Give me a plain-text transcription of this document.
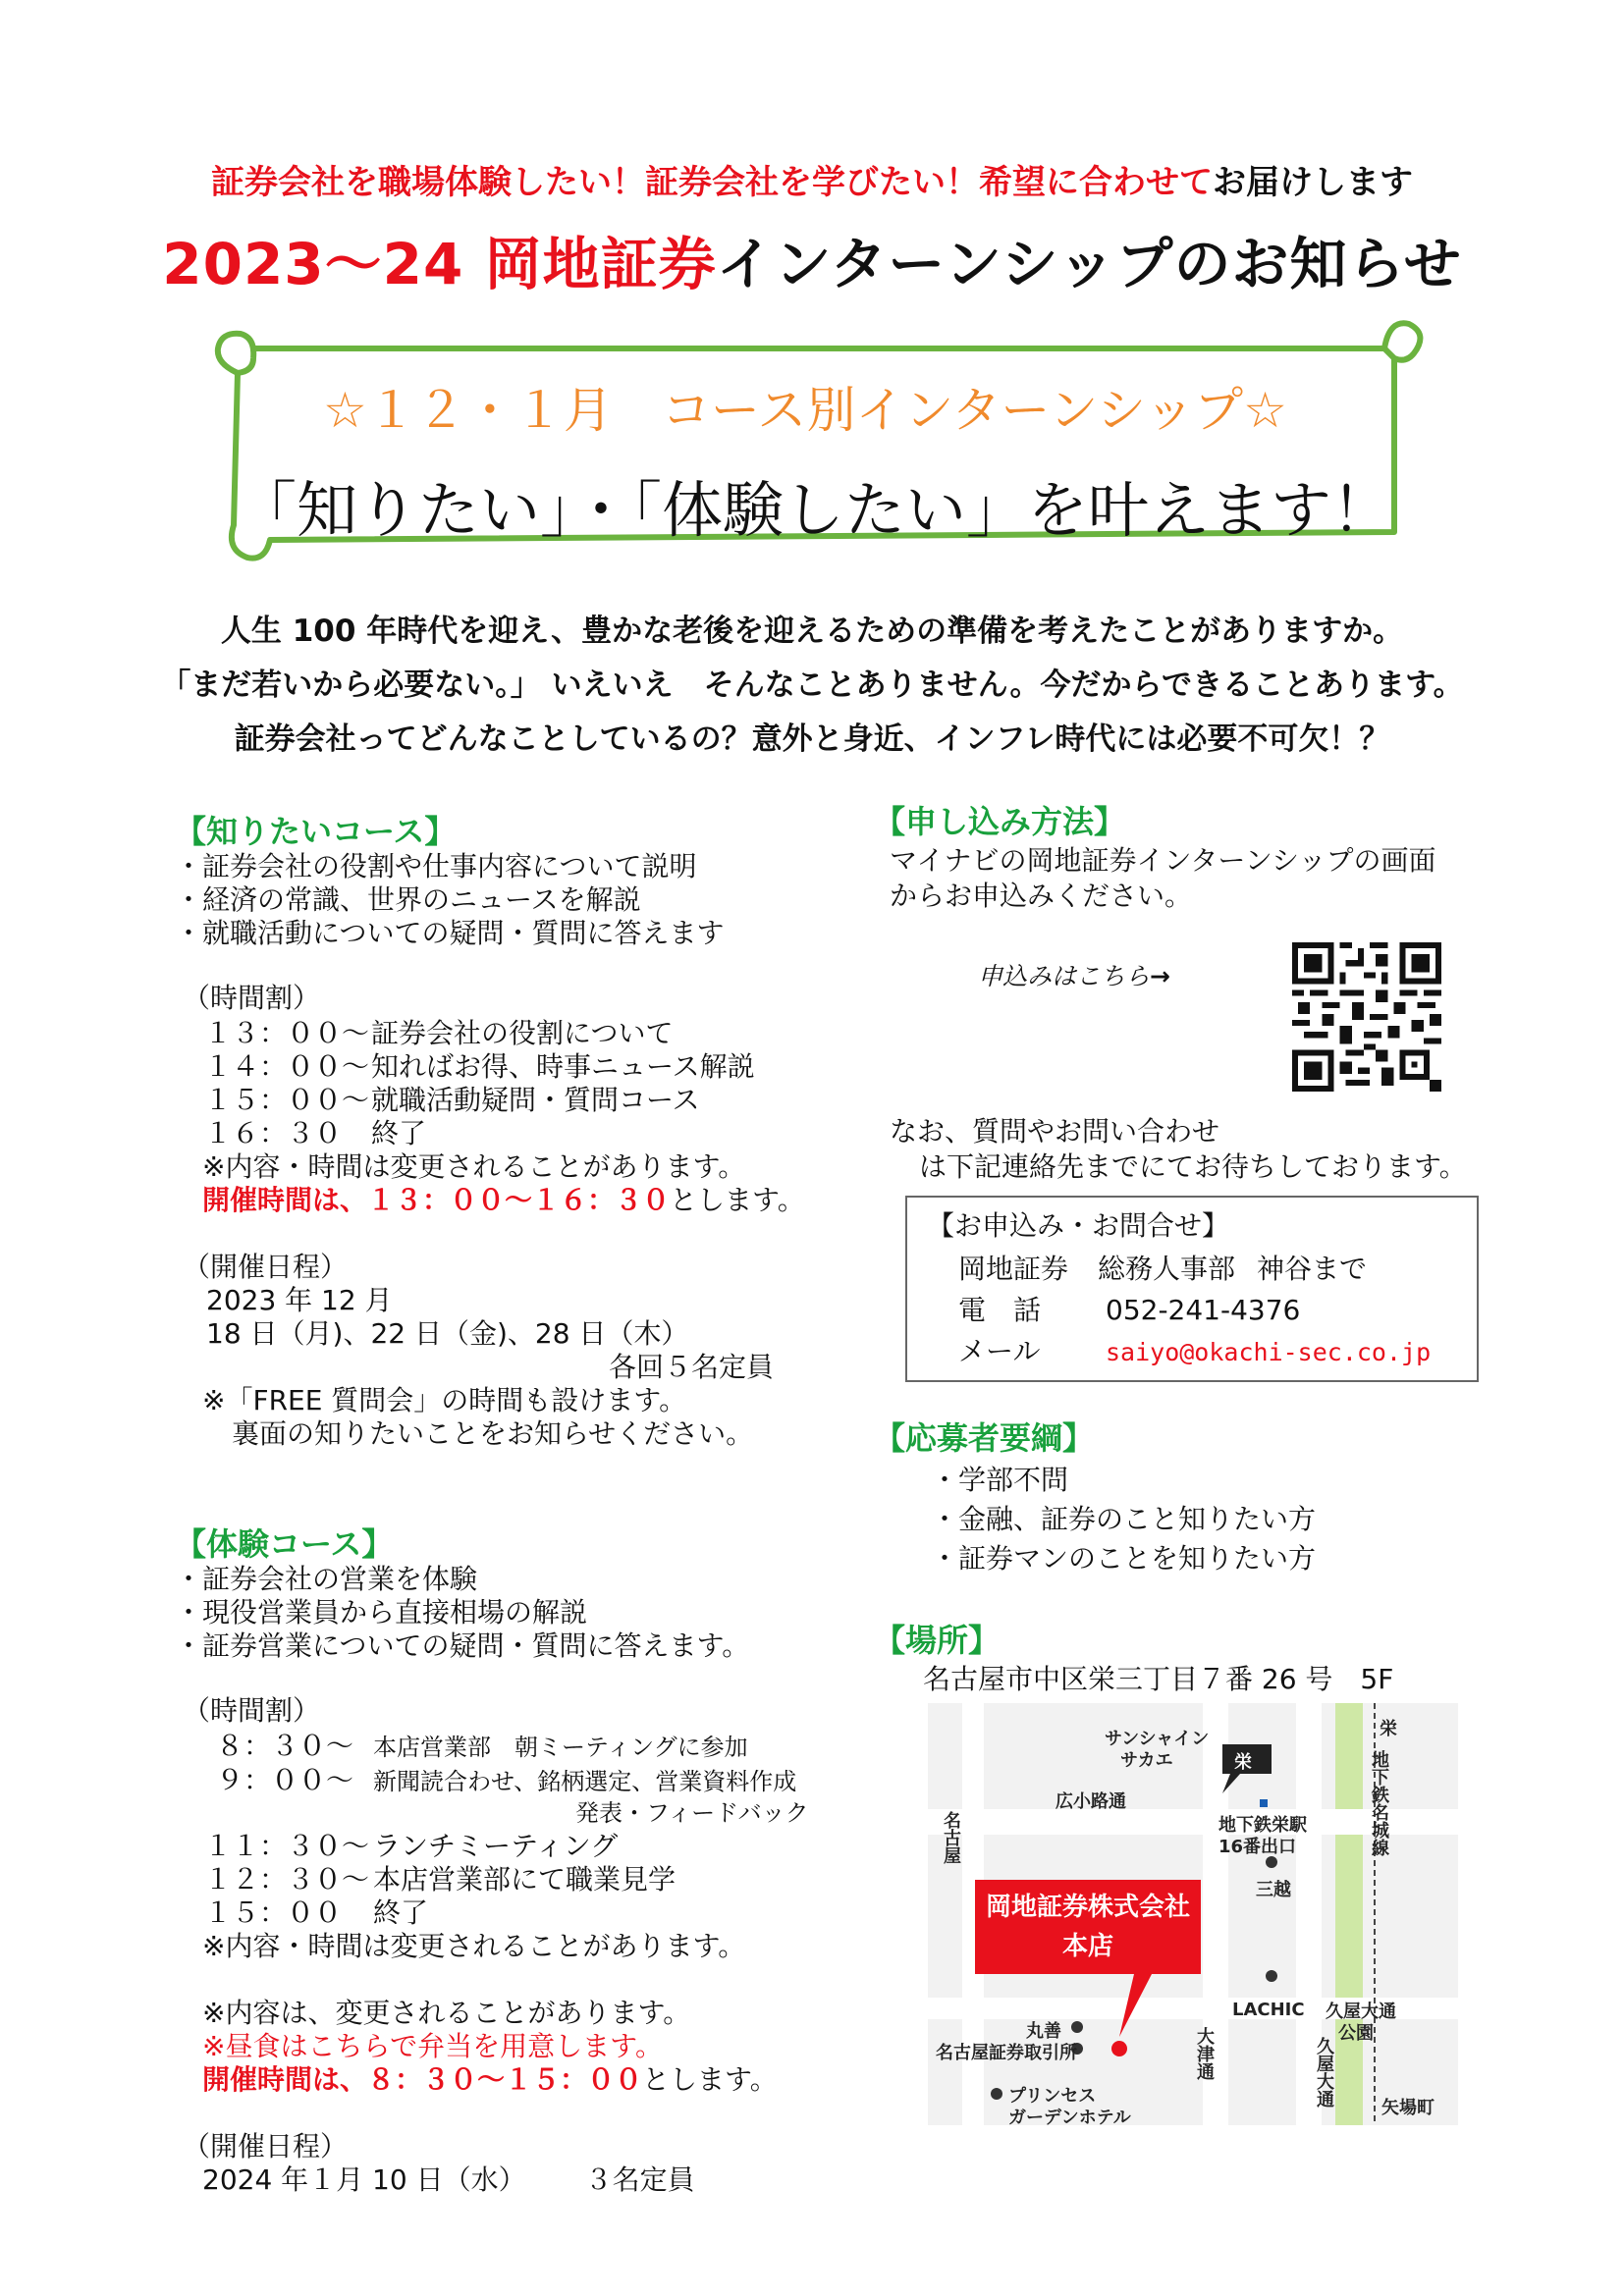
証券会社を職場体験したい！証券会社を学びたい！希望に合わせてお届けします
2023～24 岡地証券インターンシップのお知らせ
☆１２・１月　コース別インターンシップ☆
「知りたい」・「体験したい」を叶えます！
人生 100 年時代を迎え、豊かな老後を迎えるための準備を考えたことがありますか。
「まだ若いから必要ない。」 いえいえ　そんなことありません。今だからできることあります。
証券会社ってどんなことしているの？意外と身近、インフレ時代には必要不可欠！？
【知りたいコース】
・証券会社の役割や仕事内容について説明
・経済の常識、世界のニュースを解説
・就職活動についての疑問・質問に答えます
（時間割）
１３：００～証券会社の役割について
１４：００～知ればお得、時事ニュース解説
１５：００～就職活動疑問・質問コース
１６：３０ 終了
※内容・時間は変更されることがあります。
開催時間は、１３：００～１６：３０とします。
（開催日程）
2023 年 12 月
18 日（月)、22 日（金)、28 日（木）
各回５名定員
※「FREE 質問会」の時間も設けます。
裏面の知りたいことをお知らせください。
【体験コース】
・証券会社の営業を体験
・現役営業員から直接相場の解説
・証券営業についての疑問・質問に答えます。
（時間割）
８：３０～ 本店営業部　朝ミーティングに参加
９：００～ 新聞読合わせ、銘柄選定、営業資料作成
発表・フィードバック
１１：３０～ ランチミーティング
１２：３０～ 本店営業部にて職業見学
１５：００ 終了
※内容・時間は変更されることがあります。
※内容は、変更されることがあります。
※昼食はこちらで弁当を用意します。
開催時間は、８：３０～１５：００とします。
（開催日程）
2024 年１月 10 日（水） ３名定員
【申し込み方法】
マイナビの岡地証券インターンシップの画面
からお申込みください。
申込みはこちら→
なお、質問やお問い合わせ
は下記連絡先までにてお待ちしております。
【お申込み・お問合せ】
岡地証券 総務人事部 神谷まで
電　話 052-241-4376
メール	saiyo@okachi-sec.co.jp
【応募者要綱】
・学部不問
・金融、証券のこと知りたい方
・証券マンのことを知りたい方
【場所】
名古屋市中区栄三丁目７番 26 号　5F
サンシャイン
サカエ	栄
広小路通
地下鉄栄駅
16番出口
三越
栄
地下鉄名城線
名古屋
岡地証券株式会社
本店
LACHIC 久屋大通
公園
丸善
名古屋証券取引所	大津通	久屋大通
矢場町
プリンセス
ガーデンホテル
